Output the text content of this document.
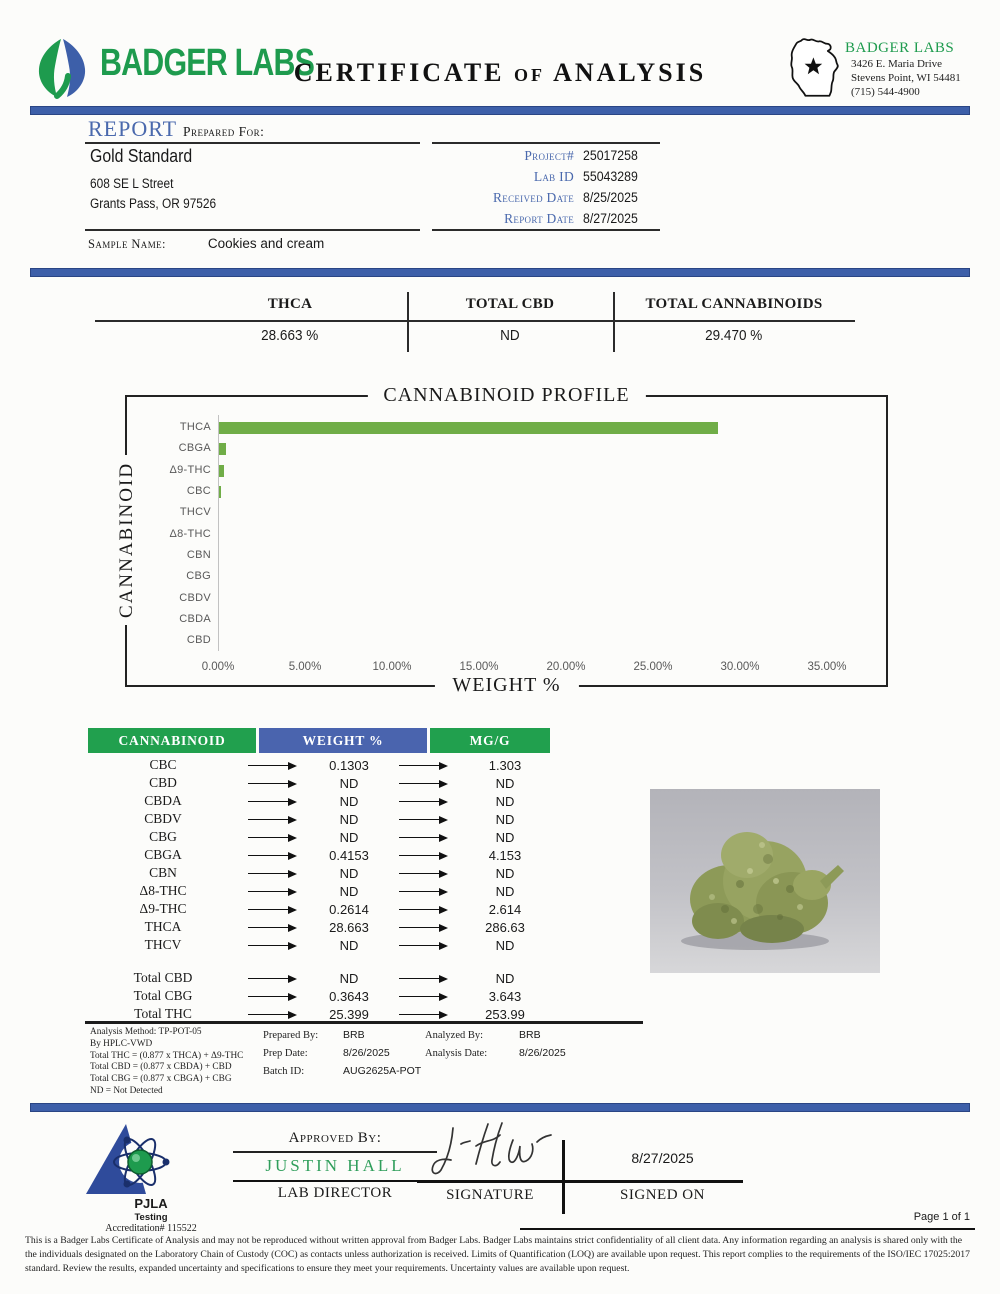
BADGER LABS
CERTIFICATE of ANALYSIS
BADGER LABS
3426 E. Maria Drive
Stevens Point, WI 54481
(715) 544-4900
REPORT Prepared For:
Gold Standard
608 SE L Street
Grants Pass, OR 97526
Project# 25017258
Lab ID 55043289
Received Date 8/25/2025
Report Date 8/27/2025
Sample Name:	Cookies and cream
THCA	TOTAL CBD	TOTAL CANNABINOIDS
28.663 %	ND	29.470 %
CANNABINOID PROFILE
CANNABINOID
WEIGHT %
THCA
CBGA
Δ9-THC
CBC
THCV
Δ8-THC
CBN
CBG
CBDV
CBDA
CBD
0.00%	5.00%	10.00%	15.00%	20.00%	25.00%	30.00%	35.00%
CANNABINOID	WEIGHT %	MG/G
CBC	0.1303	1.303
CBD	ND	ND
CBDA	ND	ND
CBDV	ND	ND
CBG	ND	ND
CBGA	0.4153	4.153
CBN	ND	ND
Δ8-THC	ND	ND
Δ9-THC	0.2614	2.614
THCA	28.663	286.63
THCV	ND	ND
Total CBD	ND	ND
Total CBG	0.3643	3.643
Total THC	25.399	253.99
Analysis Method: TP-POT-05
By HPLC-VWD
Total THC = (0.877 x THCA) + Δ9-THC
Total CBD = (0.877 x CBDA) + CBD
Total CBG = (0.877 x CBGA) + CBG
ND = Not Detected
Prepared By:	BRB
Prep Date:	8/26/2025
Batch ID:	AUG2625A-POT
Analyzed By:	BRB
Analysis Date:	8/26/2025
PJLA
Testing
Accreditation# 115522
Approved By:
JUSTIN HALL
LAB DIRECTOR
8/27/2025
SIGNATURE	SIGNED ON
Page 1 of 1
This is a Badger Labs Certificate of Analysis and may not be reproduced without written approval from Badger Labs. Badger Labs maintains strict confidentiality of all client data. Any information regarding an analysis is shared only with the the individuals designated on the Laboratory Chain of Custody (COC) as contacts unless authorization is received. Limits of Quantification (LOQ) are available upon request. This report complies to the requirements of the ISO/IEC 17025:2017 standard. Review the results, expanded uncertainty and specifications to ensure they meet your requirements. Uncertainty values are available upon request.
